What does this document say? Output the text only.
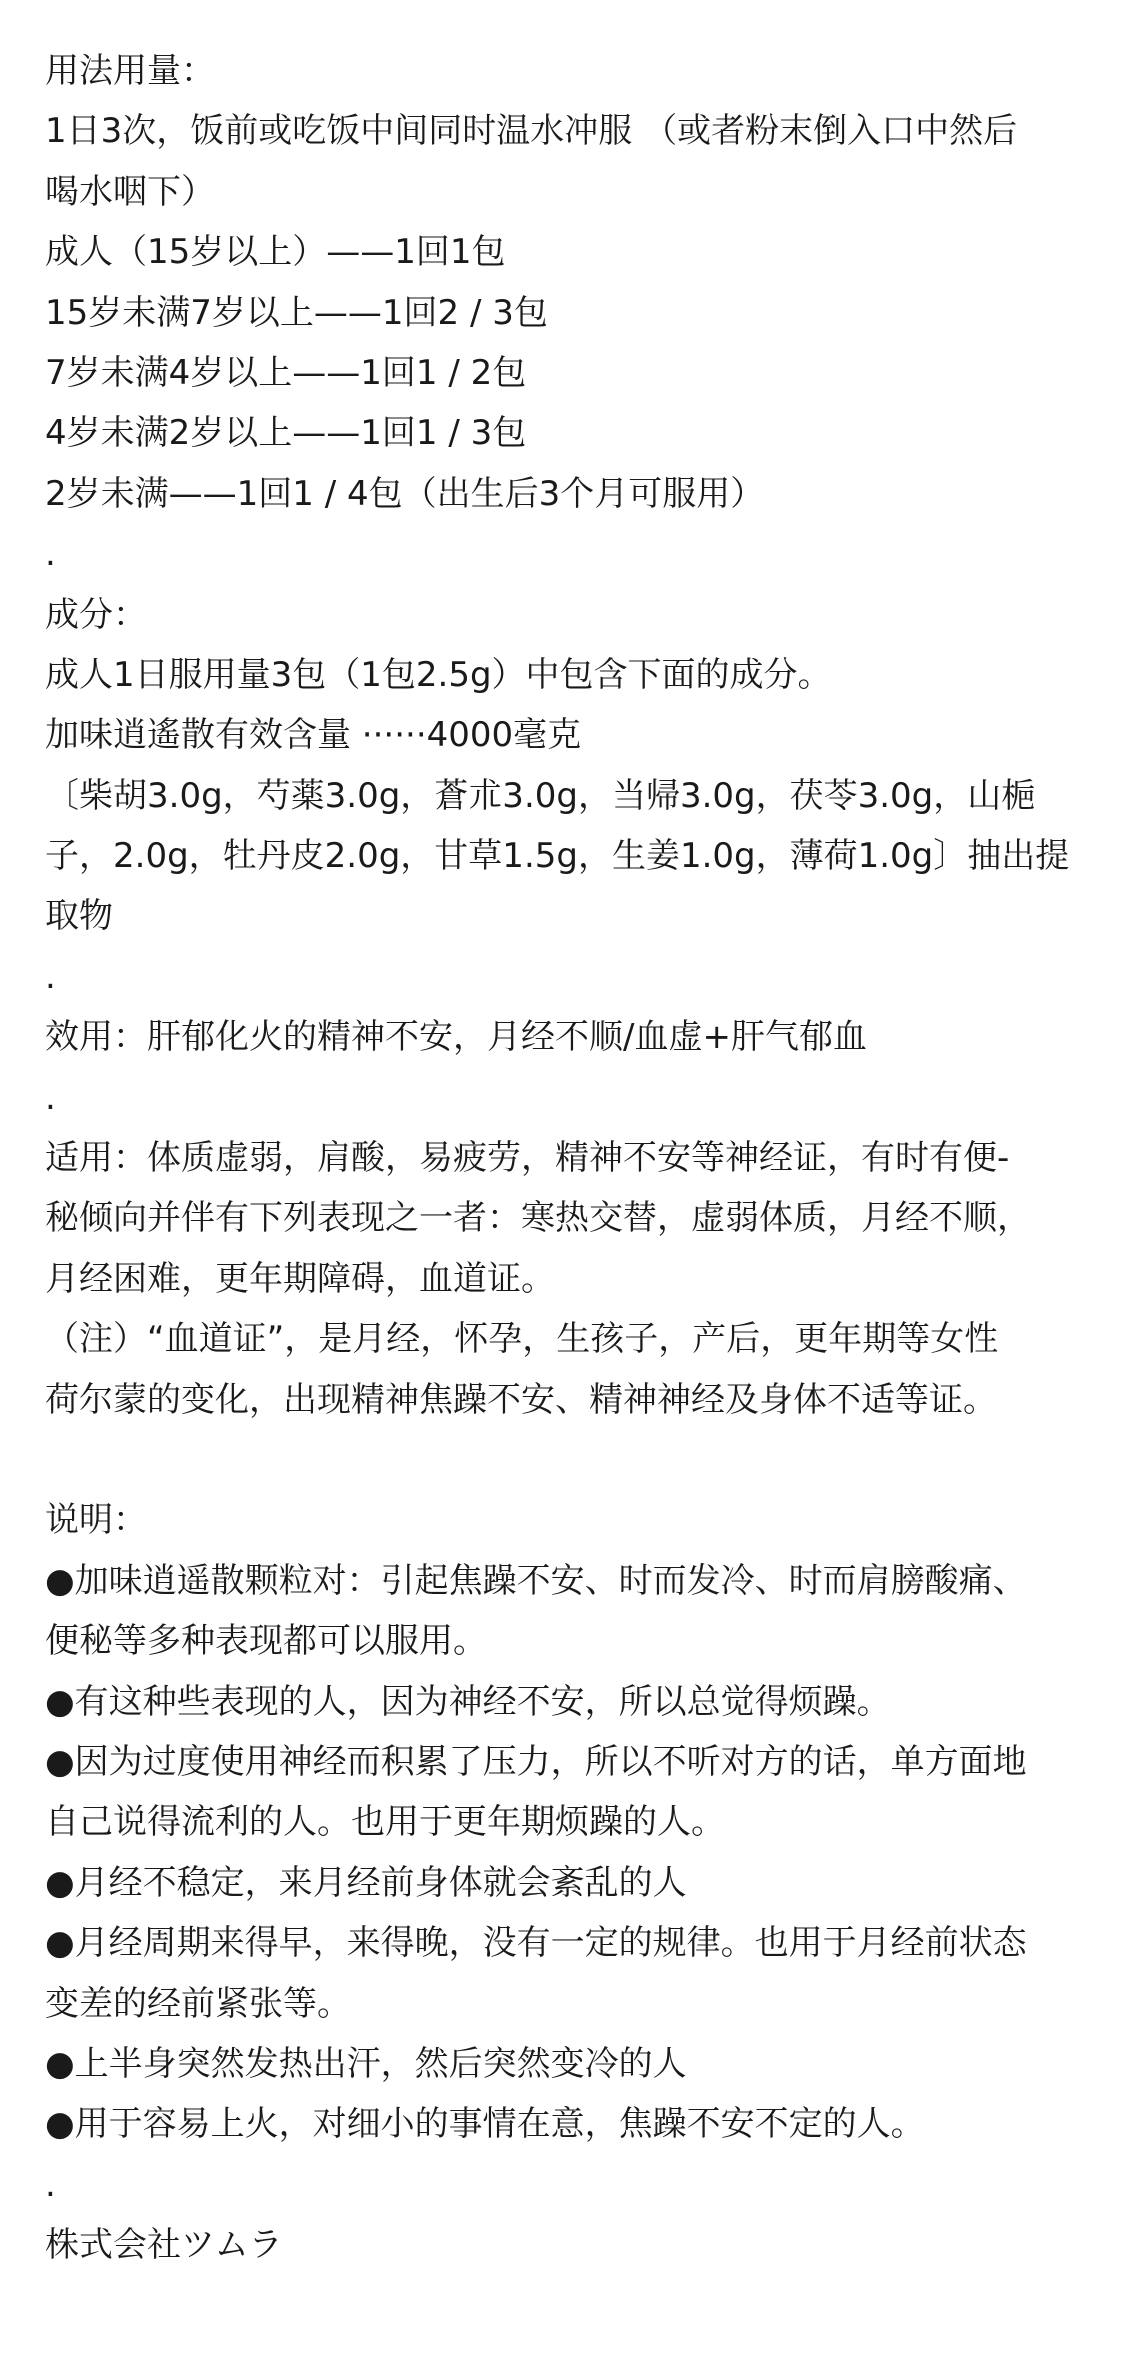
用法用量：
1日3次，饭前或吃饭中间同时温水冲服 （或者粉末倒入口中然后
喝水咽下）
成人（15岁以上）——1回1包
15岁未满7岁以上——1回2 / 3包
7岁未满4岁以上——1回1 / 2包
4岁未满2岁以上——1回1 / 3包
2岁未满——1回1 / 4包（出生后3个月可服用）
.
成分：
成人1日服用量3包（1包2.5g）中包含下面的成分。
加味逍遙散有效含量 ······4000毫克
〔柴胡3.0g，芍薬3.0g，蒼朮3.0g，当帰3.0g，茯苓3.0g，山梔
子，2.0g，牡丹皮2.0g，甘草1.5g，生姜1.0g，薄荷1.0g〕抽出提
取物
.
效用：肝郁化火的精神不安，月经不顺/血虚+肝气郁血
.
适用：体质虚弱，肩酸，易疲劳，精神不安等神经证，有时有便-
秘倾向并伴有下列表现之一者：寒热交替，虚弱体质，月经不顺，
月经困难，更年期障碍，血道证。
（注）“血道证”，是月经，怀孕，生孩子，产后，更年期等女性
荷尔蒙的变化，出现精神焦躁不安、精神神经及身体不适等证。
说明：
●加味逍遥散颗粒对：引起焦躁不安、时而发冷、时而肩膀酸痛、
便秘等多种表现都可以服用。
●有这种些表现的人，因为神经不安，所以总觉得烦躁。
●因为过度使用神经而积累了压力，所以不听对方的话，单方面地
自己说得流利的人。也用于更年期烦躁的人。
●月经不稳定，来月经前身体就会紊乱的人
●月经周期来得早，来得晚，没有一定的规律。也用于月经前状态
变差的经前紧张等。
●上半身突然发热出汗，然后突然变冷的人
●用于容易上火，对细小的事情在意，焦躁不安不定的人。
.
株式会社ツムラ
